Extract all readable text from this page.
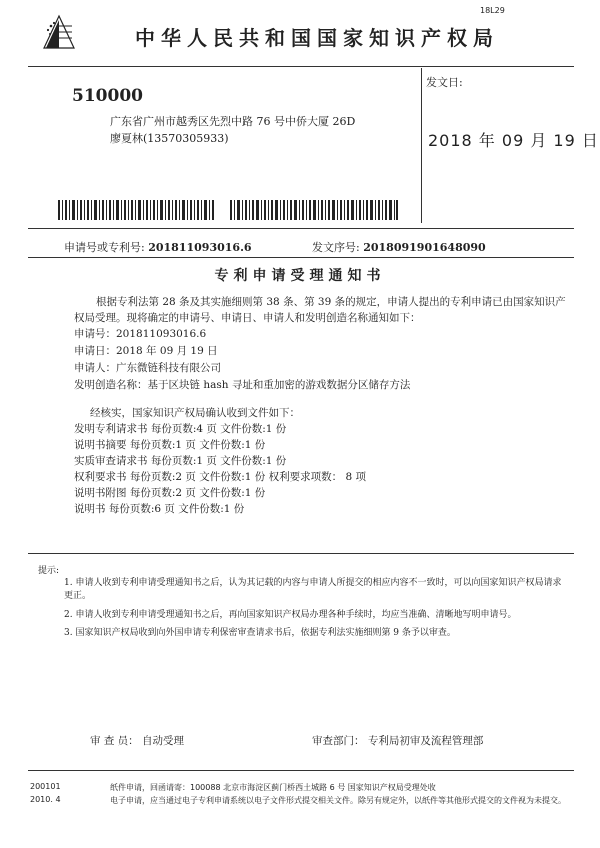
18L29
中华人民共和国国家知识产权局
510000
广东省广州市越秀区先烈中路 76 号中侨大厦 26D
廖夏林(13570305933)
发文日:
2018 年 09 月 19 日
申请号或专利号: 201811093016.6	发文序号: 2018091901648090
专利申请受理通知书
根据专利法第 28 条及其实施细则第 38 条、第 39 条的规定，申请人提出的专利申请已由国家知识产权局受理。现将确定的申请号、申请日、申请人和发明创造名称通知如下：
申请号：201811093016.6
申请日：2018 年 09 月 19 日
申请人：广东微链科技有限公司
发明创造名称：基于区块链 hash 寻址和重加密的游戏数据分区储存方法
经核实，国家知识产权局确认收到文件如下：
发明专利请求书 每份页数:4 页 文件份数:1 份
说明书摘要 每份页数:1 页 文件份数:1 份
实质审查请求书 每份页数:1 页 文件份数:1 份
权利要求书 每份页数:2 页 文件份数:1 份 权利要求项数： 8 项
说明书附图 每份页数:2 页 文件份数:1 份
说明书 每份页数:6 页 文件份数:1 份
提示:
1. 申请人收到专利申请受理通知书之后，认为其记载的内容与申请人所提交的相应内容不一致时，可以向国家知识产权局请求更正。
2. 申请人收到专利申请受理通知书之后，再向国家知识产权局办理各种手续时，均应当准确、清晰地写明申请号。
3. 国家知识产权局收到向外国申请专利保密审查请求书后，依据专利法实施细则第 9 条予以审查。
审 查 员： 自动受理	审查部门： 专利局初审及流程管理部
200101
2010. 4
纸件申请，回函请寄：100088 北京市海淀区蓟门桥西土城路 6 号 国家知识产权局受理处收
电子申请，应当通过电子专利申请系统以电子文件形式提交相关文件。除另有规定外，以纸件等其他形式提交的文件视为未提交。
